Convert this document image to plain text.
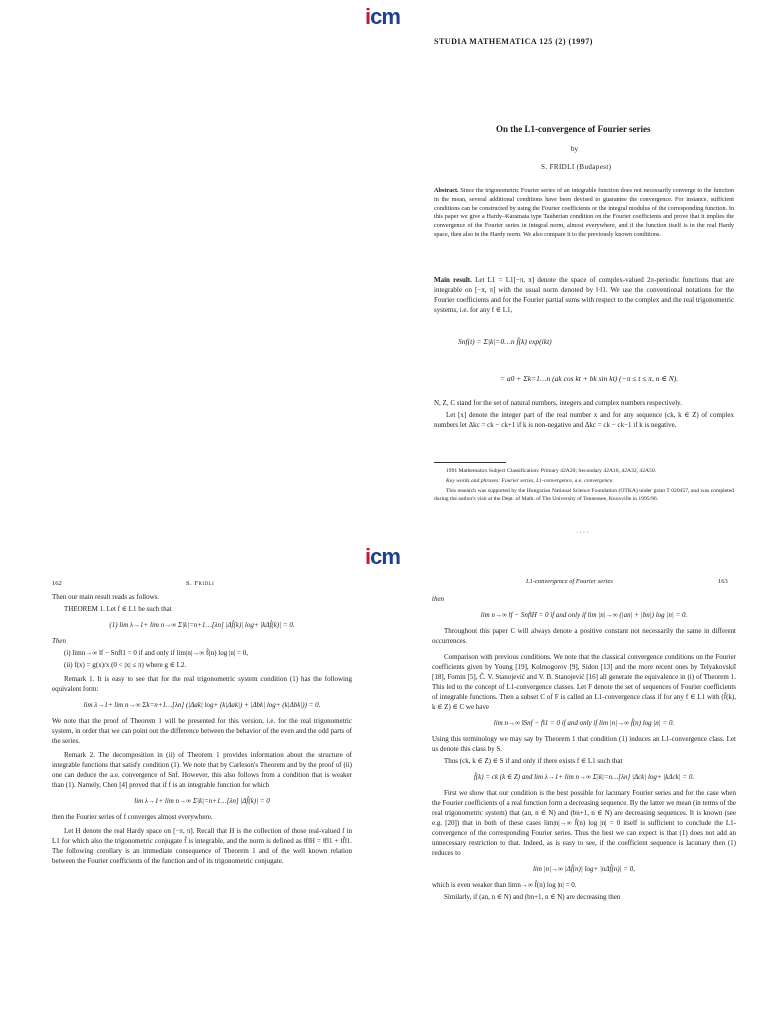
icm
STUDIA MATHEMATICA 125 (2) (1997)
On the L1-convergence of Fourier series
by
S. FRIDLI (Budapest)
Abstract. Since the trigonometric Fourier series of an integrable function does not necessarily converge to the function in the mean, several additional conditions have been devised to guarantee the convergence. For instance, sufficient conditions can be constructed by using the Fourier coefficients or the integral modulus of the corresponding function. In this paper we give a Hardy–Karamata type Tauberian condition on the Fourier coefficients and prove that it implies the convergence of the Fourier series in integral norm, almost everywhere, and if the function itself is in the real Hardy space, then also in the Hardy norm. We also compare it to the previously known conditions.
Main result. Let L1 = L1[−π, π] denote the space of complex-valued 2π-periodic functions that are integrable on [−π, π] with the usual norm denoted by ‖·‖1. We use the conventional notations for the Fourier coefficients and for the Fourier partial sums with respect to the complex and the real trigonometric systems, i.e. for any f ∈ L1,
Snf(t) = Σ|k|=0…n f̂(k) exp(ikt)
= a0 + Σk=1…n (ak cos kt + bk sin kt) (−π ≤ t ≤ π, n ∈ N).

N, Z, C stand for the set of natural numbers, integers and complex numbers respectively.

Let [x] denote the integer part of the real number x and for any sequence (ck, k ∈ Z) of complex numbers let Δkc = ck − ck+1 if k is non-negative and Δkc = ck − ck−1 if k is negative.

1991 Mathematics Subject Classification: Primary 42A20; Secondary 42A16, 42A32, 42A50.

Key words and phrases: Fourier series, L1-convergence, a.e. convergence.

This research was supported by the Hungarian National Science Foundation (OTKA) under grant T 020457, and was completed during the author's visit at the Dept. of Math. of The University of Tennessee, Knoxville in 1995/96.

· · · ·
icm
162	S. Fridli	L1-convergence of Fourier series	163

Then our main result reads as follows.

THEOREM 1. Let f ∈ L1 be such that

(1) lim λ→1+ lim n→∞ Σ|k|=n+1…[λn] |Δf̂(k)| log+ |kΔf̂(k)| = 0.

Then

(i) limn→∞ ‖f − Snf‖1 = 0 if and only if lim|n|→∞ f̂(n) log |n| = 0,

(ii) f(x) = g(x)/x (0 < |x| ≤ π) where g ∈ L2.

Remark 1. It is easy to see that for the real trigonometric system condition (1) has the following equivalent form:

lim λ→1+ lim n→∞ Σk=n+1…[λn] (|Δak| log+ (k|Δak|) + |Δbk| log+ (k|Δbk|)) = 0.

We note that the proof of Theorem 1 will be presented for this version, i.e. for the real trigonometric system, in order that we can point out the difference between the behavior of the even and the odd parts of the series.

Remark 2. The decomposition in (ii) of Theorem 1 provides information about the structure of integrable functions that satisfy condition (1). We note that by Carleson's Theorem and by the proof of (ii) one can deduce the a.e. convergence of Snf. However, this also follows from a condition that is weaker than (1). Namely, Chen [4] proved that if f is an integrable function for which

lim λ→1+ lim n→∞ Σ|k|=n+1…[λn] |Δf̂(k)| = 0

then the Fourier series of f converges almost everywhere.

Let H denote the real Hardy space on [−π, π]. Recall that H is the collection of those real-valued f in L1 for which also the trigonometric conjugate f̃ is integrable, and the norm is defined as ‖f‖H = ‖f‖1 + ‖f̃‖1. The following corollary is an immediate consequence of Theorem 1 and of the well known relation between the Fourier coefficients of the function and of its trigonometric conjugate.

then

lim n→∞ ‖f − Snf‖H = 0 if and only if lim |n|→∞ (|an| + |bn|) log |n| = 0.

Throughout this paper C will always denote a positive constant not necessarily the same in different occurrences.

Comparison with previous conditions. We note that the classical convergence conditions on the Fourier coefficients given by Young [19], Kolmogorov [9], Sidon [13] and the more recent ones by Telyakovskiĭ [18], Fomin [5], Č. V. Stanojević and V. B. Stanojević [16] all generate the equivalence in (i) of Theorem 1. This led to the concept of L1-convergence classes. Let F denote the set of sequences of Fourier coefficients of integrable functions. Then a subset C of F is called an L1-convergence class if for any f ∈ L1 with (f̂(k), k ∈ Z) ∈ C we have

lim n→∞ ‖Snf − f‖1 = 0 if and only if lim |n|→∞ f̂(n) log |n| = 0.

Using this terminology we may say by Theorem 1 that condition (1) induces an L1-convergence class. Let us denote this class by S.

Thus (ck, k ∈ Z) ∈ S if and only if there exists f ∈ L1 such that

f̂(k) = ck (k ∈ Z) and lim λ→1+ lim n→∞ Σ|k|=n…[λn] |Δck| log+ |kΔck| = 0.

First we show that our condition is the best possible for lacunary Fourier series and for the case when the Fourier coefficients of a real function form a decreasing sequence. By the latter we mean (in terms of the real trigonometric system) that (an, n ∈ N) and (bn+1, n ∈ N) are decreasing sequences. It is known (see e.g. [20]) that in both of these cases lim|n|→∞ f̂(n) log |n| = 0 itself is sufficient to conclude the L1-convergence of the corresponding Fourier series. Thus the best we can expect is that (1) does not add an unnecessary restriction to that. Indeed, as is easy to see, if the coefficient sequence is lacunary then (1) reduces to

lim |n|→∞ |Δf̂(n)| log+ |nΔf̂(n)| = 0,

which is even weaker than limn→∞ f̂(n) log |n| = 0.

Similarly, if (an, n ∈ N) and (bn+1, n ∈ N) are decreasing then
